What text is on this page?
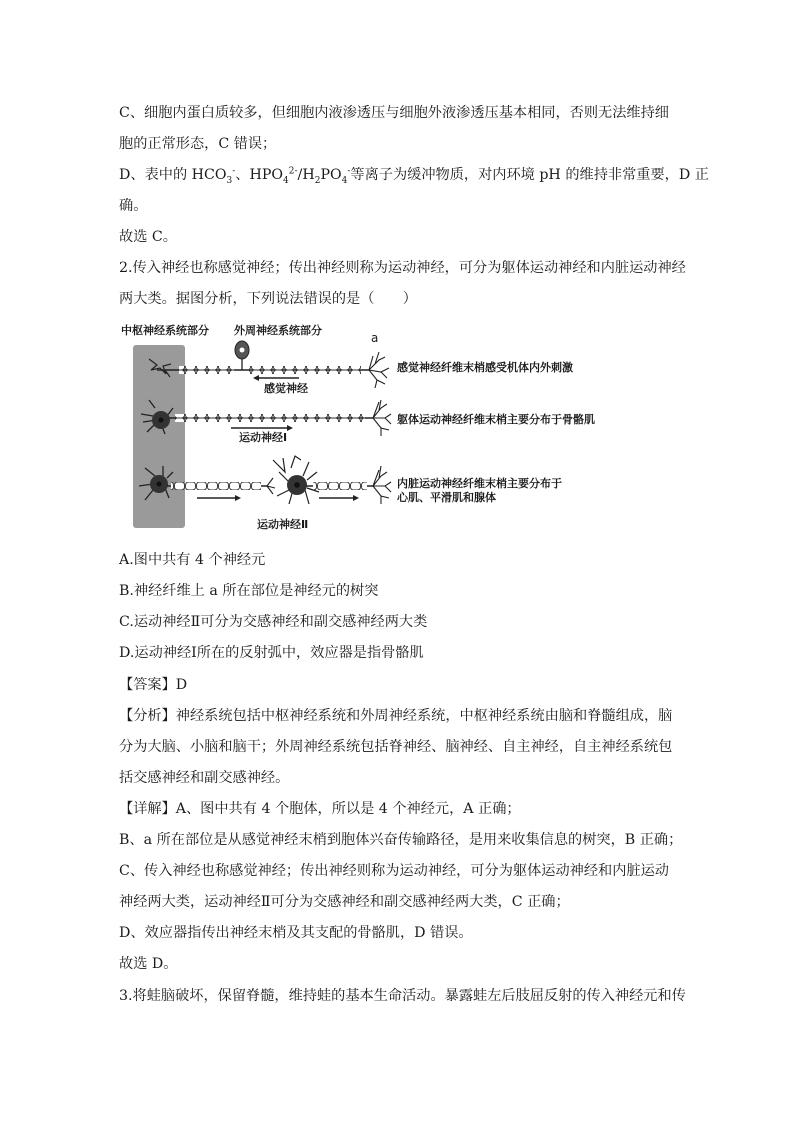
C、细胞内蛋白质较多，但细胞内液渗透压与细胞外液渗透压基本相同，否则无法维持细
胞的正常形态，C 错误；
D、表中的 $HCO_3^-$、$HPO_4^{2-}/H_2PO_4^-$等离子为缓冲物质，对内环境 pH 的维持非常重要，D 正
确。
故选 C。
2.传入神经也称感觉神经；传出神经则称为运动神经，可分为躯体运动神经和内脏运动神经
两大类。据图分析，下列说法错误的是（　　）
中枢神经系统部分 外周神经系统部分
a
感觉神经
感觉神经纤维末梢感受机体内外刺激
运动神经Ⅰ
躯体运动神经纤维末梢主要分布于骨骼肌
运动神经Ⅱ
内脏运动神经纤维末梢主要分布于
心肌、平滑肌和腺体
A.图中共有 4 个神经元
B.神经纤维上 a 所在部位是神经元的树突
C.运动神经Ⅱ可分为交感神经和副交感神经两大类
D.运动神经Ⅰ所在的反射弧中，效应器是指骨骼肌
【答案】D
【分析】神经系统包括中枢神经系统和外周神经系统，中枢神经系统由脑和脊髓组成，脑
分为大脑、小脑和脑干；外周神经系统包括脊神经、脑神经、自主神经，自主神经系统包
括交感神经和副交感神经。
【详解】A、图中共有 4 个胞体，所以是 4 个神经元，A 正确；
B、a 所在部位是从感觉神经末梢到胞体兴奋传输路径，是用来收集信息的树突，B 正确；
C、传入神经也称感觉神经；传出神经则称为运动神经，可分为躯体运动神经和内脏运动
神经两大类，运动神经Ⅱ可分为交感神经和副交感神经两大类，C 正确；
D、效应器指传出神经末梢及其支配的骨骼肌，D 错误。
故选 D。
3.将蛙脑破坏，保留脊髓，维持蛙的基本生命活动。暴露蛙左后肢屈反射的传入神经元和传
